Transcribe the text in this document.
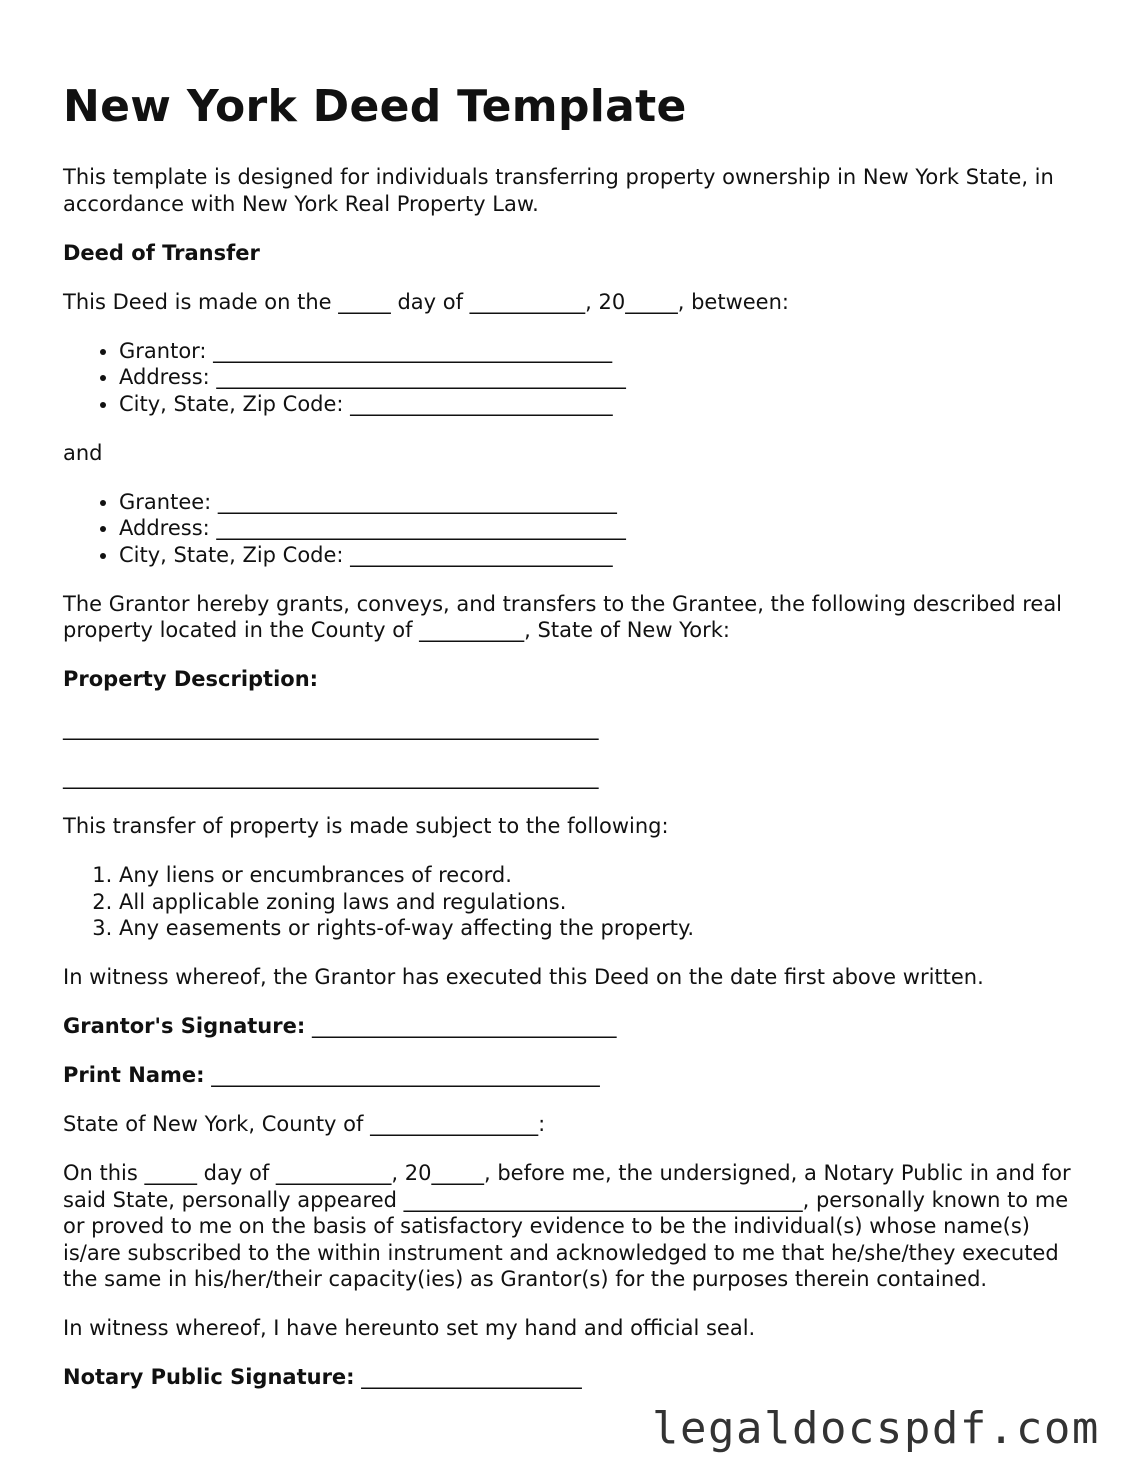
New York Deed Template

This template is designed for individuals transferring property ownership in New York State, in accordance with New York Real Property Law.

Deed of Transfer

This Deed is made on the _____ day of ___________, 20_____, between:

• Grantor: ______________________________________
• Address: _______________________________________
• City, State, Zip Code: _________________________

and

• Grantee: ______________________________________
• Address: _______________________________________
• City, State, Zip Code: _________________________

The Grantor hereby grants, conveys, and transfers to the Grantee, the following described real property located in the County of __________, State of New York:

Property Description:

___________________________________________________

___________________________________________________

This transfer of property is made subject to the following:

1. Any liens or encumbrances of record.
2. All applicable zoning laws and regulations.
3. Any easements or rights-of-way affecting the property.

In witness whereof, the Grantor has executed this Deed on the date first above written.

Grantor's Signature: _____________________________

Print Name: _____________________________________

State of New York, County of ________________:

On this _____ day of ___________, 20_____, before me, the undersigned, a Notary Public in and for said State, personally appeared ______________________________________, personally known to me or proved to me on the basis of satisfactory evidence to be the individual(s) whose name(s) is/are subscribed to the within instrument and acknowledged to me that he/she/they executed the same in his/her/their capacity(ies) as Grantor(s) for the purposes therein contained.

In witness whereof, I have hereunto set my hand and official seal.

Notary Public Signature: _____________________

legaldocspdf.com
